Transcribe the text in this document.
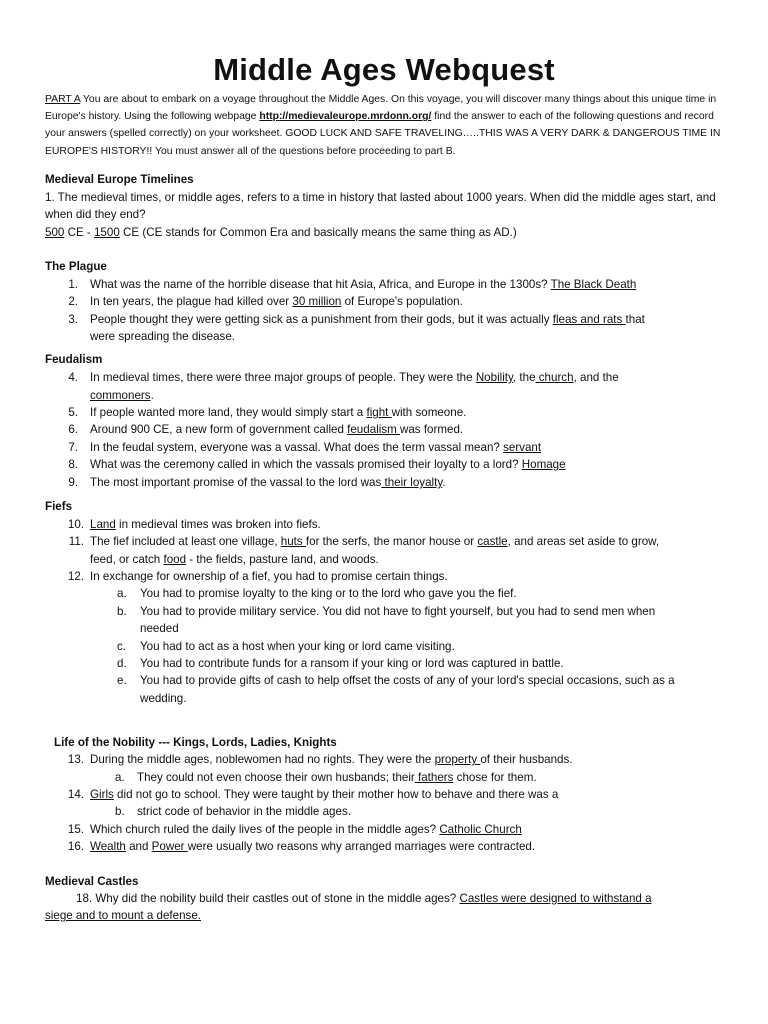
Middle Ages Webquest
PART A You are about to embark on a voyage throughout the Middle Ages. On this voyage, you will discover many things about this unique time in Europe's history. Using the following webpage http://medievaleurope.mrdonn.org/ find the answer to each of the following questions and record your answers (spelled correctly) on your worksheet. GOOD LUCK AND SAFE TRAVELING…..THIS WAS A VERY DARK & DANGEROUS TIME IN EUROPE'S HISTORY!! You must answer all of the questions before proceeding to part B.
Medieval Europe Timelines
1. The medieval times, or middle ages, refers to a time in history that lasted about 1000 years. When did the middle ages start, and when did they end?
500 CE - 1500 CE (CE stands for Common Era and basically means the same thing as AD.)
The Plague
1. What was the name of the horrible disease that hit Asia, Africa, and Europe in the 1300s? The Black Death
2. In ten years, the plague had killed over 30 million of Europe's population.
3. People thought they were getting sick as a punishment from their gods, but it was actually fleas and rats that
were spreading the disease.
Feudalism
4. In medieval times, there were three major groups of people. They were the Nobility, the church, and the
commoners.
5. If people wanted more land, they would simply start a fight with someone.
6. Around 900 CE, a new form of government called feudalism was formed.
7. In the feudal system, everyone was a vassal. What does the term vassal mean? servant
8. What was the ceremony called in which the vassals promised their loyalty to a lord? Homage
9. The most important promise of the vassal to the lord was their loyalty.
Fiefs
10. Land in medieval times was broken into fiefs.
11. The fief included at least one village, huts for the serfs, the manor house or castle, and areas set aside to grow,
feed, or catch food - the fields, pasture land, and woods.
12. In exchange for ownership of a fief, you had to promise certain things.
a. You had to promise loyalty to the king or to the lord who gave you the fief.
b. You had to provide military service. You did not have to fight yourself, but you had to send men when
needed
c. You had to act as a host when your king or lord came visiting.
d. You had to contribute funds for a ransom if your king or lord was captured in battle.
e. You had to provide gifts of cash to help offset the costs of any of your lord's special occasions, such as a
wedding.
Life of the Nobility --- Kings, Lords, Ladies, Knights
13. During the middle ages, noblewomen had no rights. They were the property of their husbands.
a. They could not even choose their own husbands; their fathers chose for them.
14. Girls did not go to school. They were taught by their mother how to behave and there was a
b. strict code of behavior in the middle ages.
15. Which church ruled the daily lives of the people in the middle ages? Catholic Church
16. Wealth and Power were usually two reasons why arranged marriages were contracted.
Medieval Castles
18. Why did the nobility build their castles out of stone in the middle ages? Castles were designed to withstand a
siege and to mount a defense.
